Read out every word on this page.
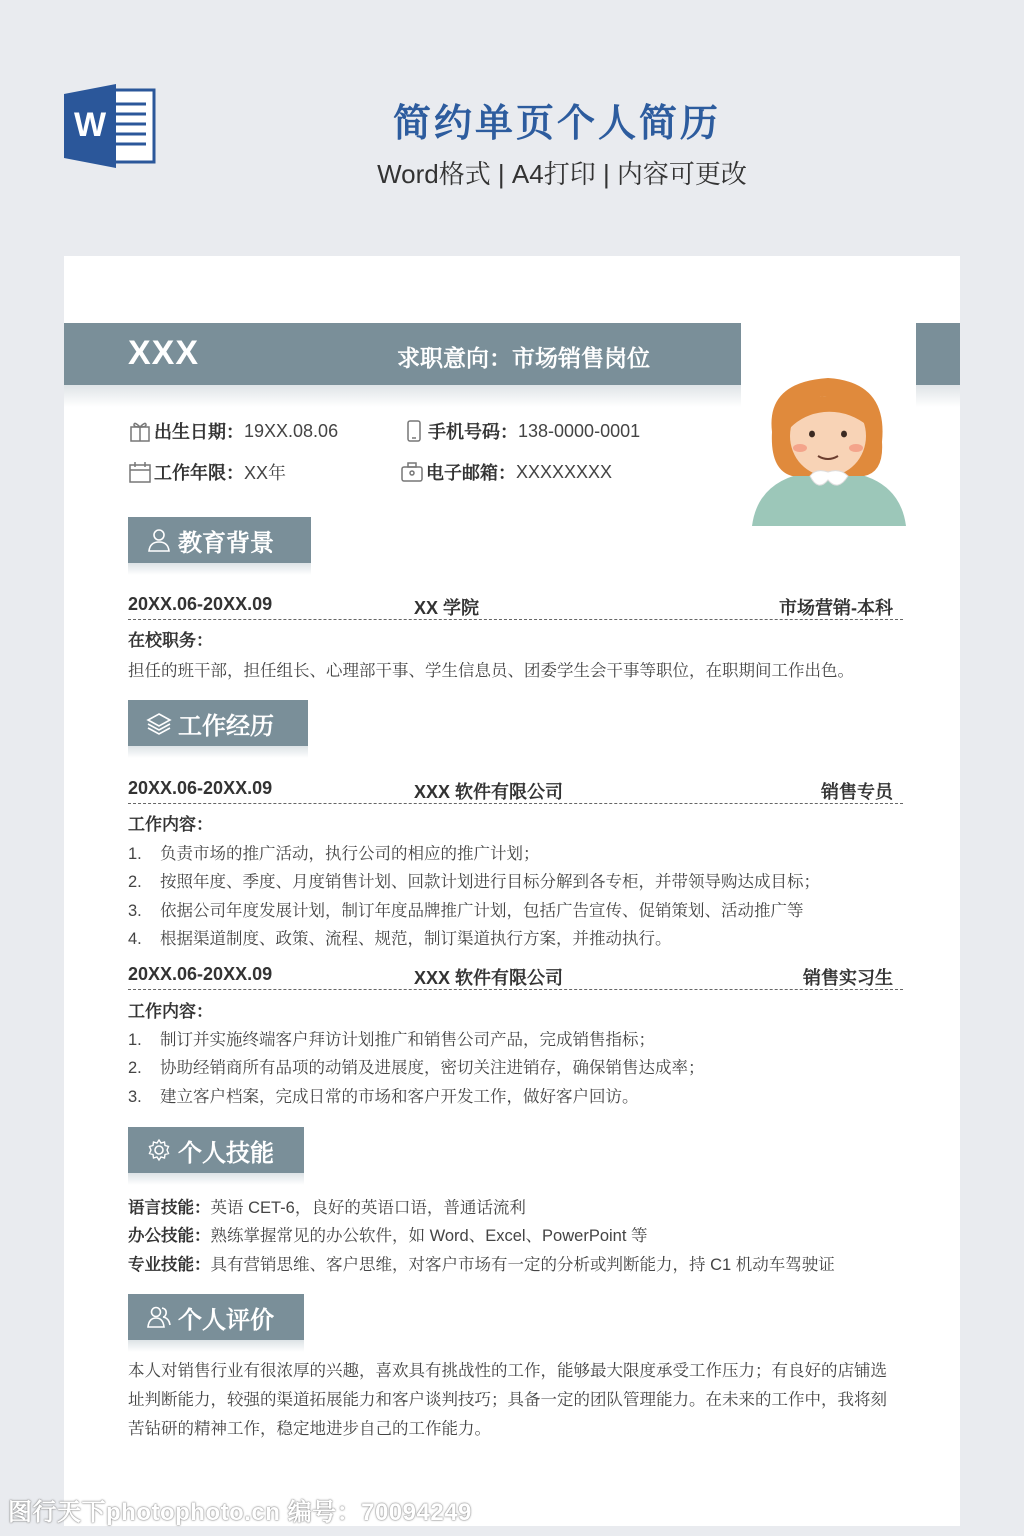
W	简约单页个人简历
Word格式 | A4打印 | 内容可更改
XXX	求职意向：市场销售岗位
出生日期： 19XX.08.06	手机号码： 138-0000-0001
工作年限： XX年	电子邮箱： XXXXXXXX
教育背景
20XX.06-20XX.09	XX 学院	市场营销-本科
在校职务：
担任的班干部，担任组长、心理部干事、学生信息员、团委学生会干事等职位，在职期间工作出色。
工作经历
20XX.06-20XX.09	XXX 软件有限公司	销售专员
工作内容：
1. 负责市场的推广活动，执行公司的相应的推广计划；
2. 按照年度、季度、月度销售计划、回款计划进行目标分解到各专柜，并带领导购达成目标；
3. 依据公司年度发展计划，制订年度品牌推广计划，包括广告宣传、促销策划、活动推广等
4. 根据渠道制度、政策、流程、规范，制订渠道执行方案，并推动执行。
20XX.06-20XX.09	XXX 软件有限公司	销售实习生
工作内容：
1. 制订并实施终端客户拜访计划推广和销售公司产品，完成销售指标；
2. 协助经销商所有品项的动销及进展度，密切关注进销存，确保销售达成率；
3. 建立客户档案，完成日常的市场和客户开发工作，做好客户回访。
个人技能
语言技能：英语 CET-6，良好的英语口语，普通话流利
办公技能：熟练掌握常见的办公软件，如 Word、Excel、PowerPoint 等
专业技能：具有营销思维、客户思维，对客户市场有一定的分析或判断能力，持 C1 机动车驾驶证
个人评价
本人对销售行业有很浓厚的兴趣，喜欢具有挑战性的工作，能够最大限度承受工作压力；有良好的店铺选址判断能力，较强的渠道拓展能力和客户谈判技巧；具备一定的团队管理能力。在未来的工作中，我将刻苦钻研的精神工作，稳定地进步自己的工作能力。
图行天下photophoto.cn 编号：70094249
